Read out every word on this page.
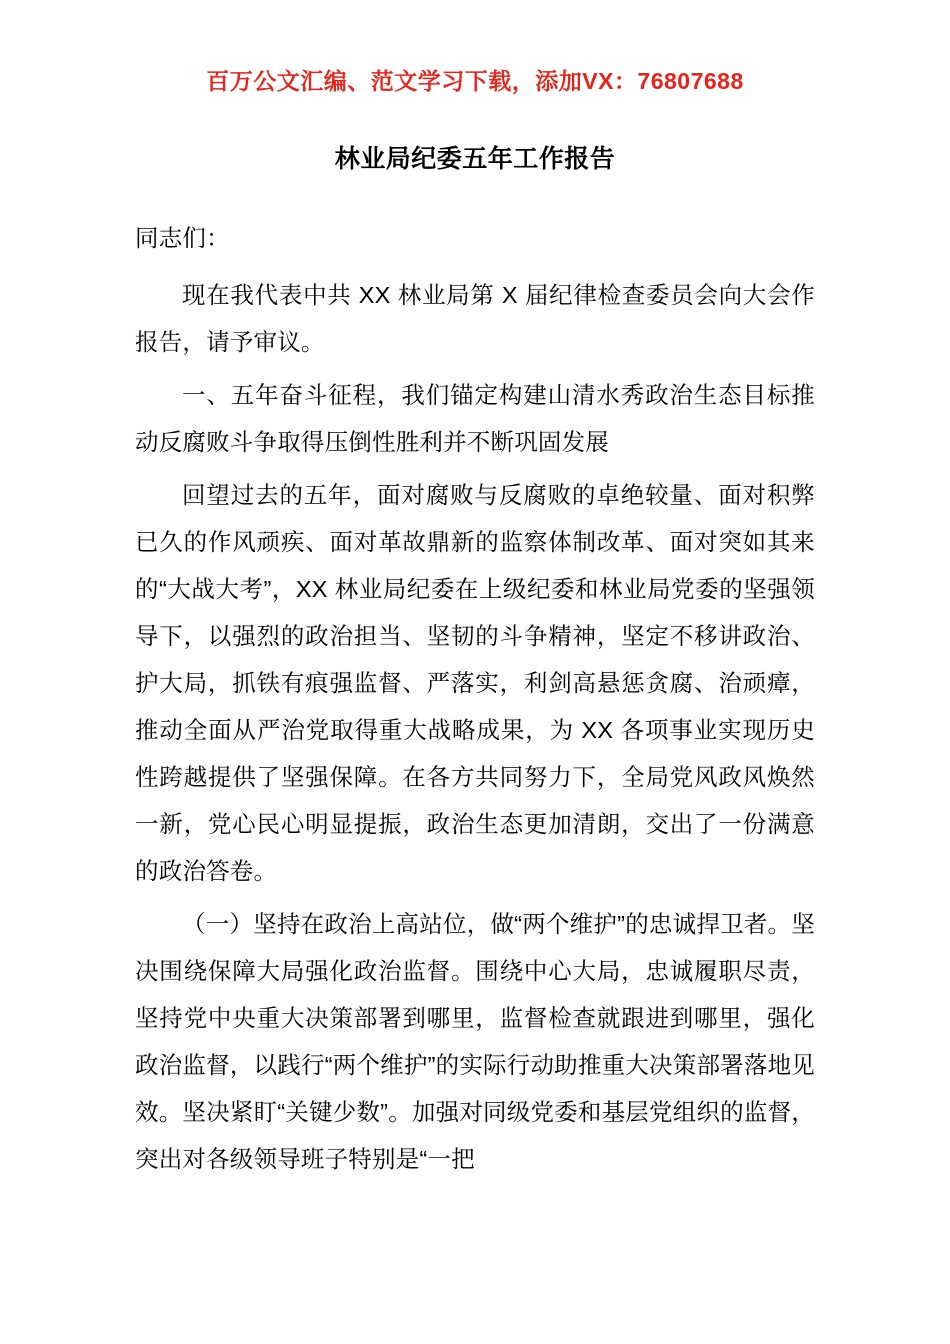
百万公文汇编、范文学习下载，添加VX：76807688
林业局纪委五年工作报告

同志们：

现在我代表中共 XX 林业局第 X 届纪律检查委员会向大会作报告，请予审议。

一、五年奋斗征程，我们锚定构建山清水秀政治生态目标推动反腐败斗争取得压倒性胜利并不断巩固发展

回望过去的五年，面对腐败与反腐败的卓绝较量、面对积弊已久的作风顽疾、面对革故鼎新的监察体制改革、面对突如其来的“大战大考”，XX 林业局纪委在上级纪委和林业局党委的坚强领导下，以强烈的政治担当、坚韧的斗争精神，坚定不移讲政治、护大局，抓铁有痕强监督、严落实，利剑高悬惩贪腐、治顽瘴，推动全面从严治党取得重大战略成果，为 XX 各项事业实现历史性跨越提供了坚强保障。在各方共同努力下，全局党风政风焕然一新，党心民心明显提振，政治生态更加清朗，交出了一份满意的政治答卷。

（一）坚持在政治上高站位，做“两个维护”的忠诚捍卫者。坚决围绕保障大局强化政治监督。围绕中心大局，忠诚履职尽责，坚持党中央重大决策部署到哪里，监督检查就跟进到哪里，强化政治监督，以践行“两个维护”的实际行动助推重大决策部署落地见效。坚决紧盯“关键少数”。加强对同级党委和基层党组织的监督，突出对各级领导班子特别是“一把
